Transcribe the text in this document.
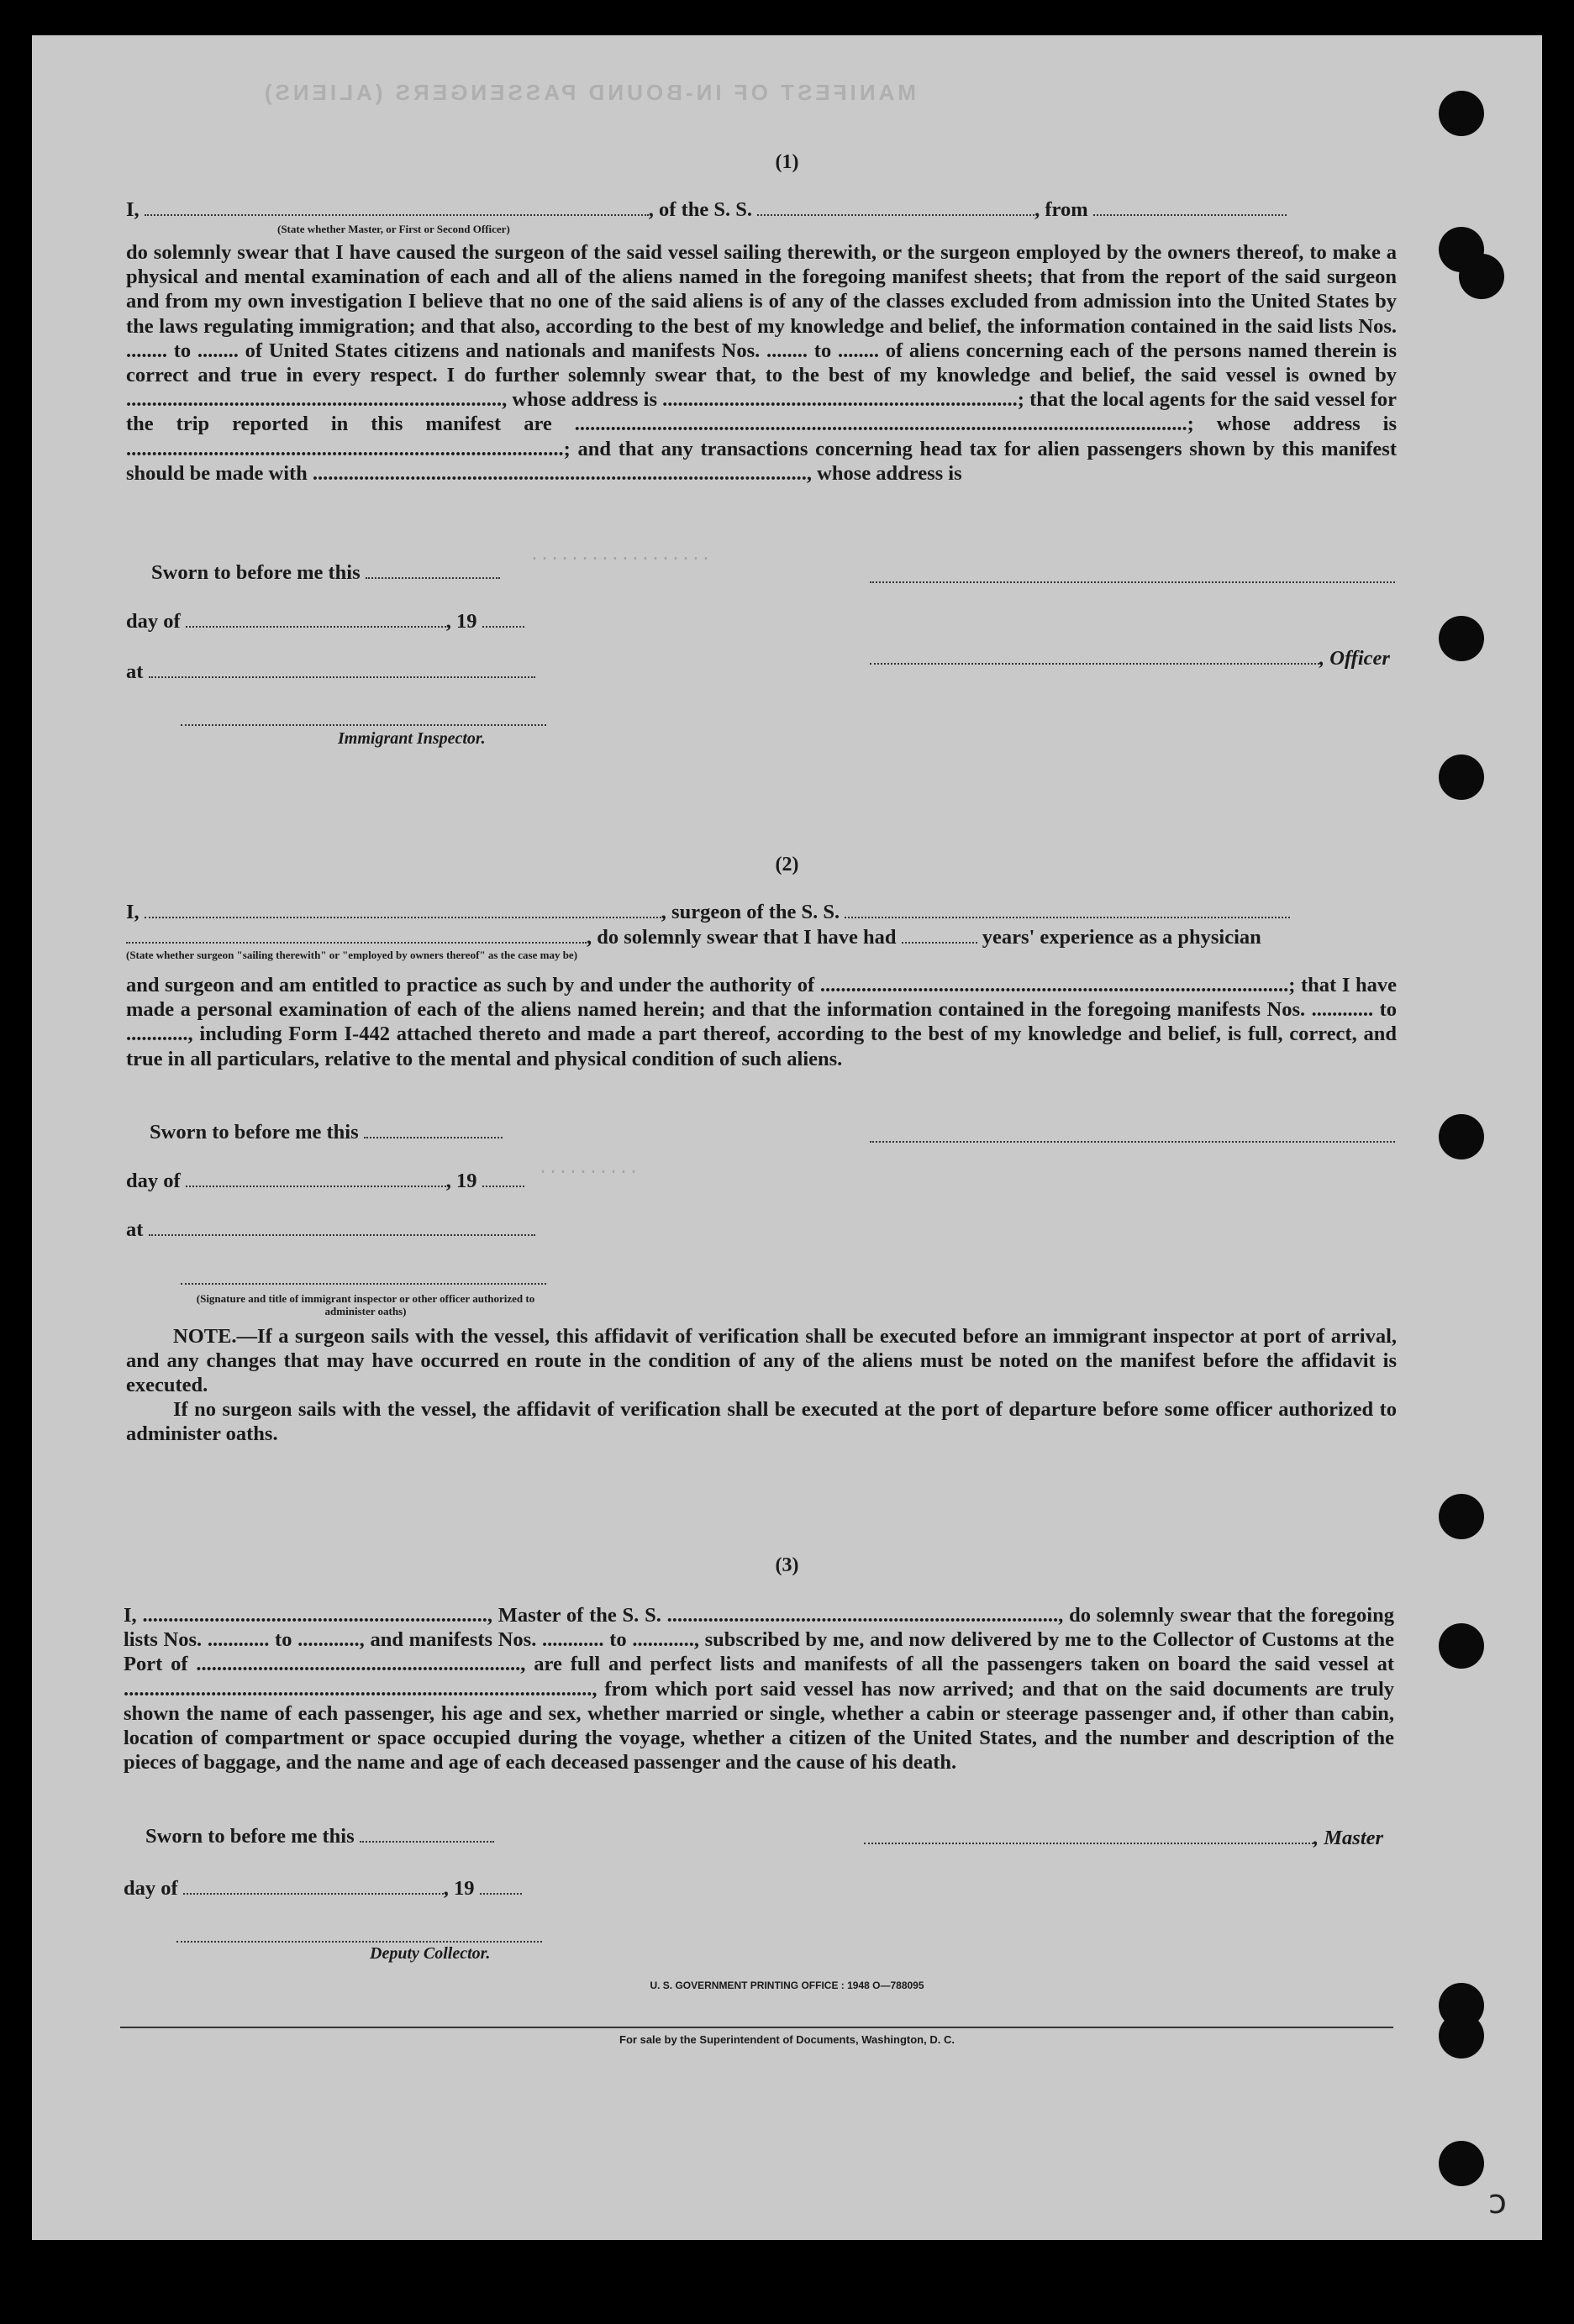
MANIFEST OF IN-BOUND PASSENGERS (ALIENS)
..................
..........
(1)
I,	, of the S. S.	, from
(State whether Master, or First or Second Officer)
do solemnly swear that I have caused the surgeon of the said vessel sailing therewith, or the surgeon employed by the owners thereof, to make a physical and mental examination of each and all of the aliens named in the foregoing manifest sheets; that from the report of the said surgeon and from my own investigation I believe that no one of the said aliens is of any of the classes excluded from admission into the United States by the laws regulating immigration; and that also, according to the best of my knowledge and belief, the information contained in the said lists Nos. ........ to ........ of United States citizens and nationals and manifests Nos. ........ to ........ of aliens concerning each of the persons named therein is correct and true in every respect. I do further solemnly swear that, to the best of my knowledge and belief, the said vessel is owned by ........................................................................., whose address is .....................................................................; that the local agents for the said vessel for the trip reported in this manifest are .......................................................................................................................; whose address is .....................................................................................; and that any transactions concerning head tax for alien passengers shown by this manifest should be made with ................................................................................................, whose address is
Sworn to before me this
day of	, 19
, Officer
at
Immigrant Inspector.
(2)
I,	, surgeon of the S. S.
, do solemnly swear that I have had	years' experience as a physician
(State whether surgeon "sailing therewith" or "employed by owners thereof" as the case may be)
and surgeon and am entitled to practice as such by and under the authority of ...........................................................................................; that I have made a personal examination of each of the aliens named herein; and that the information contained in the foregoing manifests Nos. ............ to ............, including Form I-442 attached thereto and made a part thereof, according to the best of my knowledge and belief, is full, correct, and true in all particulars, relative to the mental and physical condition of such aliens.
Sworn to before me this
day of	, 19
at
(Signature and title of immigrant inspector or other officer authorized to administer oaths)
NOTE.—If a surgeon sails with the vessel, this affidavit of verification shall be executed before an immigrant inspector at port of arrival, and any changes that may have occurred en route in the condition of any of the aliens must be noted on the manifest before the affidavit is executed.
If no surgeon sails with the vessel, the affidavit of verification shall be executed at the port of departure before some officer authorized to administer oaths.
(3)
I, ..................................................................., Master of the S. S. ............................................................................, do solemnly swear that the foregoing lists Nos. ............ to ............, and manifests Nos. ............ to ............, subscribed by me, and now delivered by me to the Collector of Customs at the Port of ..............................................................., are full and perfect lists and manifests of all the passengers taken on board the said vessel at ..........................................................................................., from which port said vessel has now arrived; and that on the said documents are truly shown the name of each passenger, his age and sex, whether married or single, whether a cabin or steerage passenger and, if other than cabin, location of compartment or space occupied during the voyage, whether a citizen of the United States, and the number and description of the pieces of baggage, and the name and age of each deceased passenger and the cause of his death.
Sworn to before me this	, Master
day of	, 19
Deputy Collector.
U. S. GOVERNMENT PRINTING OFFICE : 1948 O—788095
For sale by the Superintendent of Documents, Washington, D. C.
ↄ
